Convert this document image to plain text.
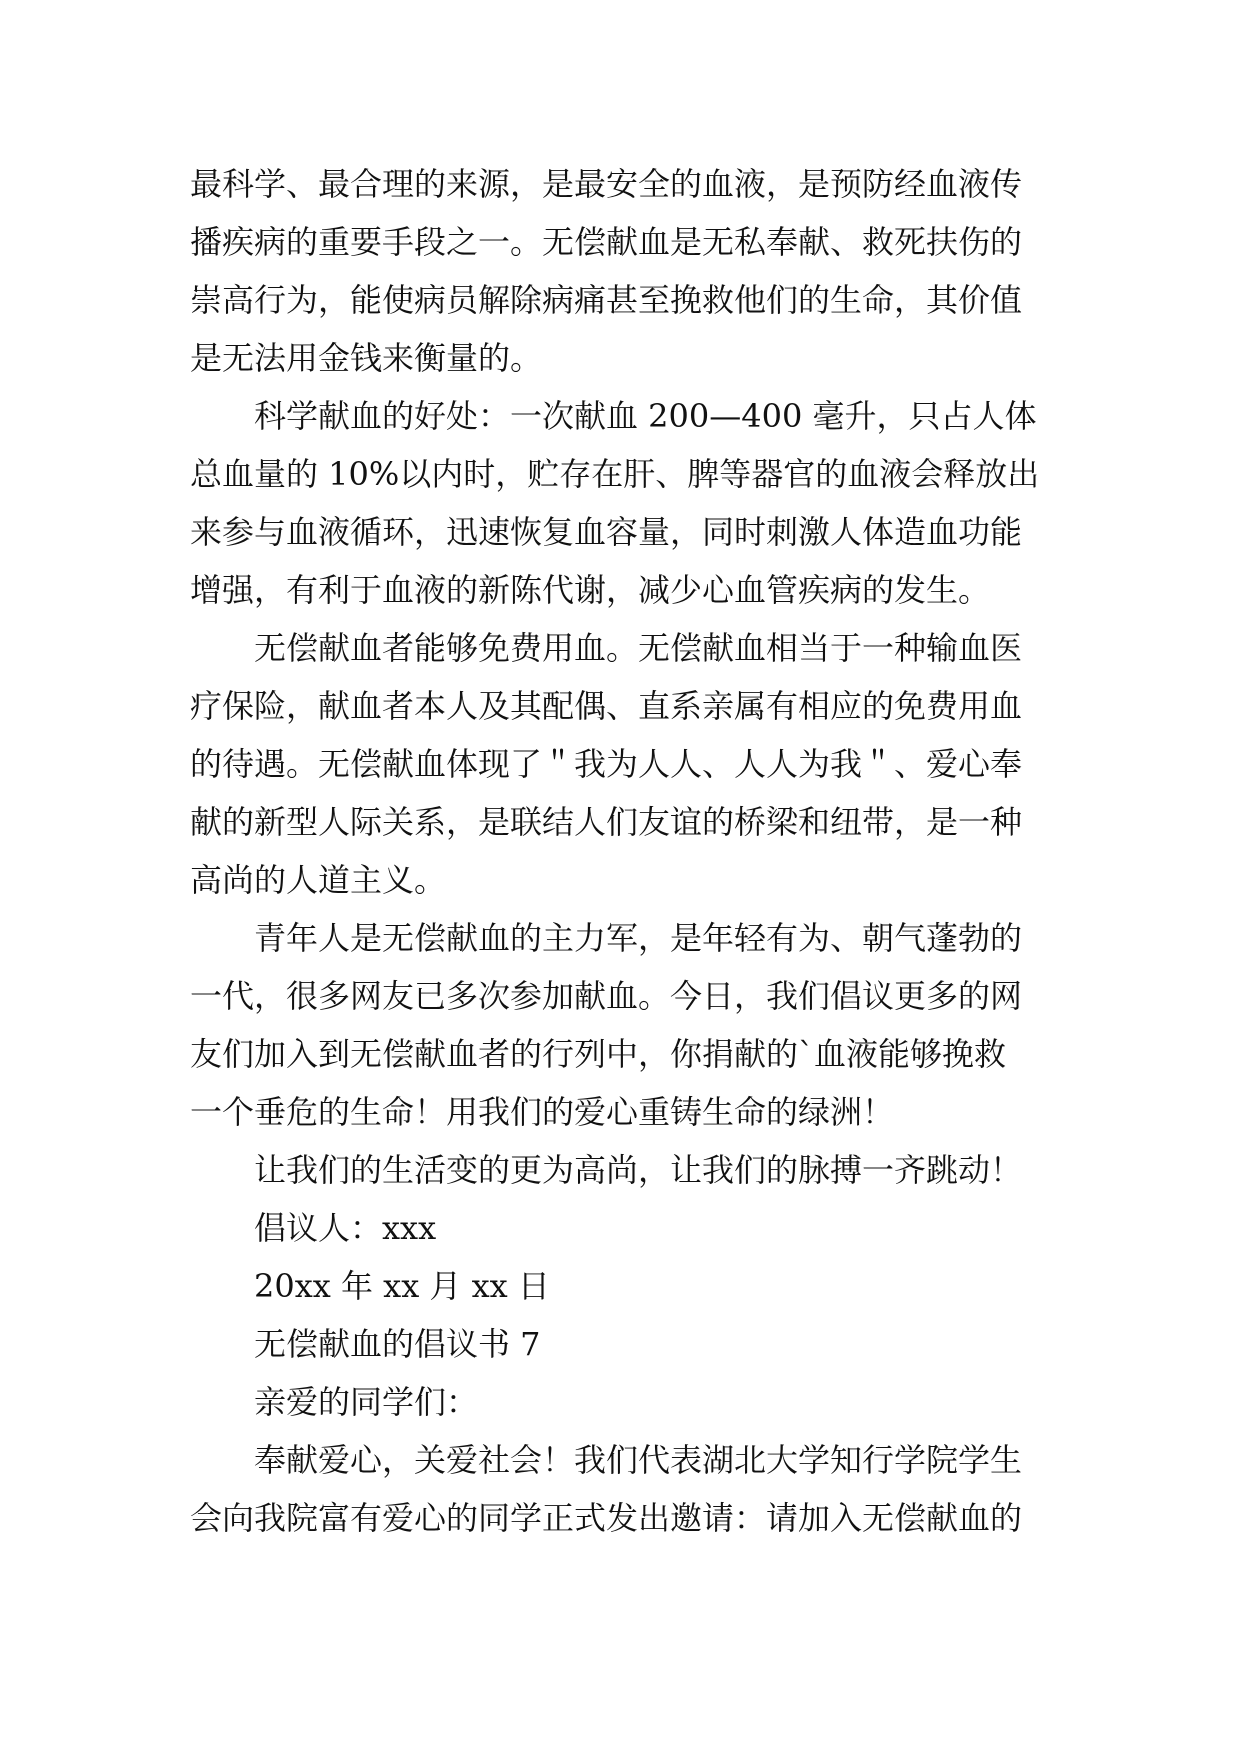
最科学、最合理的来源，是最安全的血液，是预防经血液传
播疾病的重要手段之一。无偿献血是无私奉献、救死扶伤的
崇高行为，能使病员解除病痛甚至挽救他们的生命，其价值
是无法用金钱来衡量的。
科学献血的好处：一次献血 200—400 毫升，只占人体
总血量的 10%以内时，贮存在肝、脾等器官的血液会释放出
来参与血液循环，迅速恢复血容量，同时刺激人体造血功能
增强，有利于血液的新陈代谢，减少心血管疾病的发生。
无偿献血者能够免费用血。无偿献血相当于一种输血医
疗保险，献血者本人及其配偶、直系亲属有相应的免费用血
的待遇。无偿献血体现了＂我为人人、人人为我＂、爱心奉
献的新型人际关系，是联结人们友谊的桥梁和纽带，是一种
高尚的人道主义。
青年人是无偿献血的主力军，是年轻有为、朝气蓬勃的
一代，很多网友已多次参加献血。今日，我们倡议更多的网
友们加入到无偿献血者的行列中，你捐献的`血液能够挽救
一个垂危的生命！用我们的爱心重铸生命的绿洲！
让我们的生活变的更为高尚，让我们的脉搏一齐跳动！
倡议人：xxx
20xx 年 xx 月 xx 日
无偿献血的倡议书 7
亲爱的同学们：
奉献爱心，关爱社会！我们代表湖北大学知行学院学生
会向我院富有爱心的同学正式发出邀请：请加入无偿献血的
